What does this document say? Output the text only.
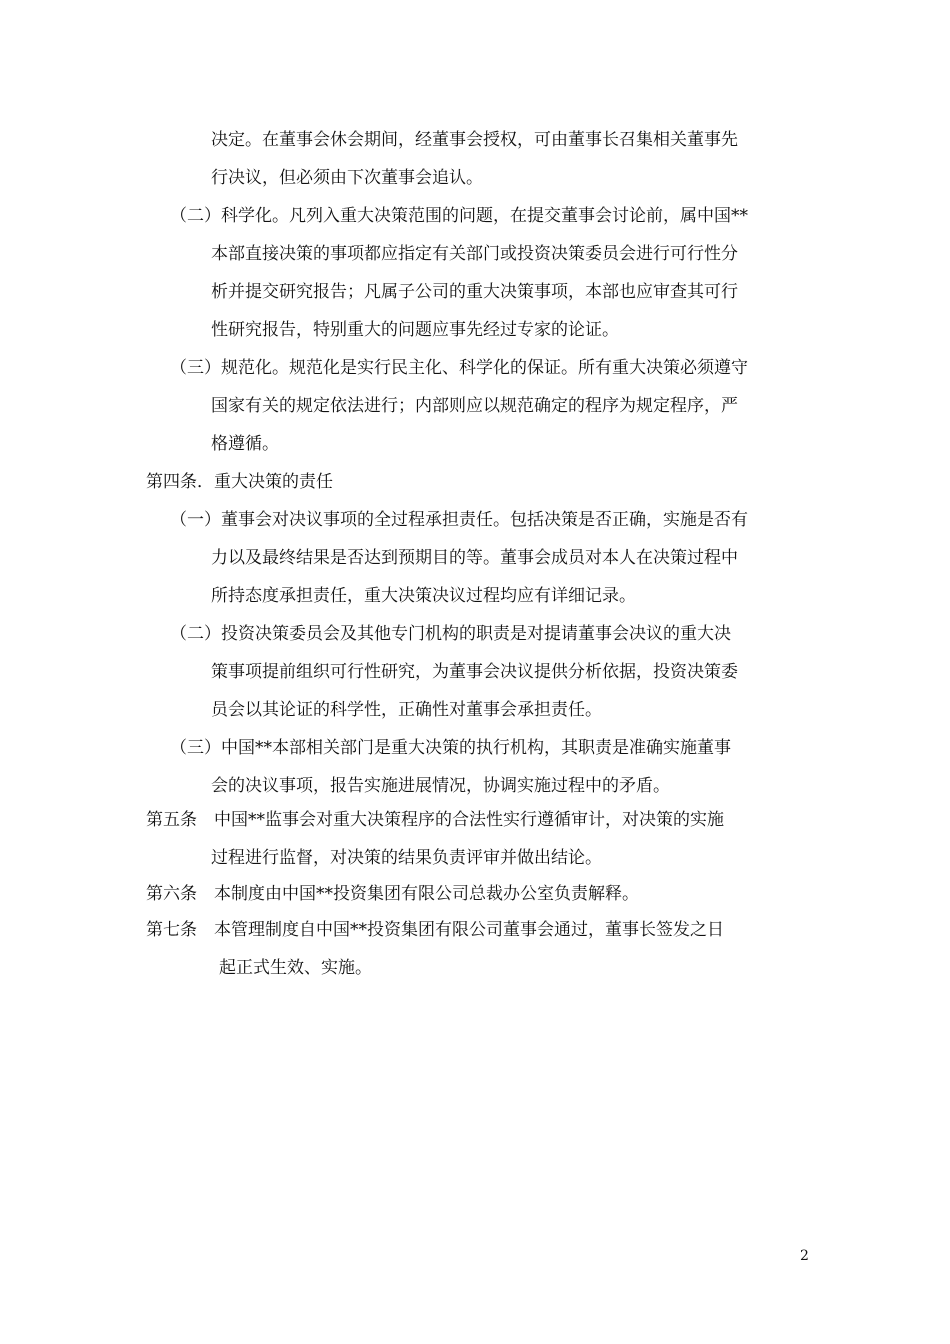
决定。在董事会休会期间，经董事会授权，可由董事长召集相关董事先
行决议，但必须由下次董事会追认。
（二）科学化。凡列入重大决策范围的问题，在提交董事会讨论前，属中国**
本部直接决策的事项都应指定有关部门或投资决策委员会进行可行性分
析并提交研究报告；凡属子公司的重大决策事项，本部也应审查其可行
性研究报告，特别重大的问题应事先经过专家的论证。
（三）规范化。规范化是实行民主化、科学化的保证。所有重大决策必须遵守
国家有关的规定依法进行；内部则应以规范确定的程序为规定程序，严
格遵循。
第四条．重大决策的责任
（一）董事会对决议事项的全过程承担责任。包括决策是否正确，实施是否有
力以及最终结果是否达到预期目的等。董事会成员对本人在决策过程中
所持态度承担责任，重大决策决议过程均应有详细记录。
（二）投资决策委员会及其他专门机构的职责是对提请董事会决议的重大决
策事项提前组织可行性研究，为董事会决议提供分析依据，投资决策委
员会以其论证的科学性，正确性对董事会承担责任。
（三）中国**本部相关部门是重大决策的执行机构，其职责是准确实施董事
会的决议事项，报告实施进展情况，协调实施过程中的矛盾。
第五条　中国**监事会对重大决策程序的合法性实行遵循审计，对决策的实施
过程进行监督，对决策的结果负责评审并做出结论。
第六条　本制度由中国**投资集团有限公司总裁办公室负责解释。
第七条　本管理制度自中国**投资集团有限公司董事会通过，董事长签发之日
起正式生效、实施。
2
